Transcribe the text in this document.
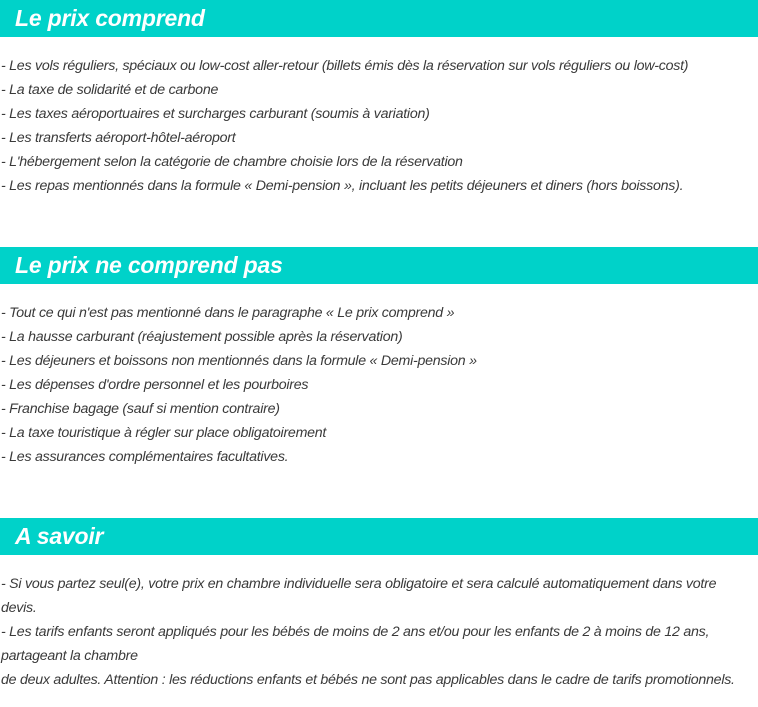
Le prix comprend
- Les vols réguliers, spéciaux ou low-cost aller-retour (billets émis dès la réservation sur vols réguliers ou low-cost)
- La taxe de solidarité et de carbone
- Les taxes aéroportuaires et surcharges carburant (soumis à variation)
- Les transferts aéroport-hôtel-aéroport
- L'hébergement selon la catégorie de chambre choisie lors de la réservation
- Les repas mentionnés dans la formule « Demi-pension », incluant les petits déjeuners et diners (hors boissons).
Le prix ne comprend pas
- Tout ce qui n'est pas mentionné dans le paragraphe « Le prix comprend »
- La hausse carburant (réajustement possible après la réservation)
- Les déjeuners et boissons non mentionnés dans la formule « Demi-pension »
- Les dépenses d'ordre personnel et les pourboires
- Franchise bagage (sauf si mention contraire)
- La taxe touristique à régler sur place obligatoirement
- Les assurances complémentaires facultatives.
A savoir
- Si vous partez seul(e), votre prix en chambre individuelle sera obligatoire et sera calculé automatiquement dans votre
devis.
- Les tarifs enfants seront appliqués pour les bébés de moins de 2 ans et/ou pour les enfants de 2 à moins de 12 ans,
partageant la chambre
de deux adultes. Attention : les réductions enfants et bébés ne sont pas applicables dans le cadre de tarifs promotionnels.
